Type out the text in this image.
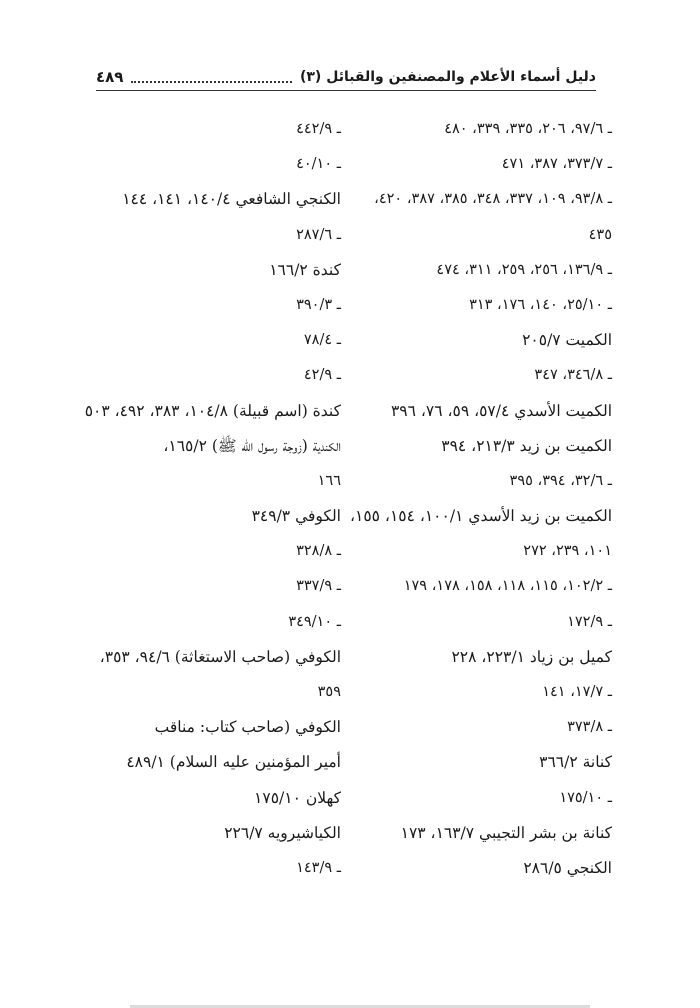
دليل أسماء الأعلام والمصنفين والقبائل (٣)
٤٨٩
ـ ٩٧/٦، ٢٠٦، ٣٣٥، ٣٣٩، ٤٨٠
ـ ٣٧٣/٧، ٣٨٧، ٤٧١
ـ ٩٣/٨، ١٠٩، ٣٣٧، ٣٤٨، ٣٨٥، ٣٨٧، ٤٢٠،
٤٣٥
ـ ١٣٦/٩، ٢٥٦، ٢٥٩، ٣١١، ٤٧٤
ـ ٢٥/١٠، ١٤٠، ١٧٦، ٣١٣
الكميت ٢٠٥/٧
ـ ٣٤٦/٨، ٣٤٧
الكميت الأسدي ٥٧/٤، ٥٩، ٧٦، ٣٩٦
الكميت بن زيد ٢١٣/٣، ٣٩٤
ـ ٣٢/٦، ٣٩٤، ٣٩٥
الكميت بن زيد الأسدي ١٠٠/١، ١٥٤، ١٥٥،
١٠١، ٢٣٩، ٢٧٢
ـ ١٠٢/٢، ١١٥، ١١٨، ١٥٨، ١٧٨، ١٧٩
ـ ١٧٢/٩
كميل بن زياد ٢٢٣/١، ٢٢٨
ـ ١٧/٧، ١٤١
ـ ٣٧٣/٨
كنانة ٣٦٦/٢
ـ ١٧٥/١٠
كنانة بن بشر التجيبي ١٦٣/٧، ١٧٣
الكنجي ٢٨٦/٥
ـ ٤٤٢/٩
ـ ٤٠/١٠
الكنجي الشافعي ١٤٠/٤، ١٤١، ١٤٤
ـ ٢٨٧/٦
كندة ١٦٦/٢
ـ ٣٩٠/٣
ـ ٧٨/٤
ـ ٤٢/٩
كندة (اسم قبيلة) ١٠٤/٨، ٣٨٣، ٤٩٢، ٥٠٣
الكندية (زوجة رسول الله ﷺ) ١٦٥/٢،
١٦٦
الكوفي ٣٤٩/٣
ـ ٣٢٨/٨
ـ ٣٣٧/٩
ـ ٣٤٩/١٠
الكوفي (صاحب الاستغاثة) ٩٤/٦، ٣٥٣،
٣٥٩
الكوفي (صاحب كتاب: مناقب
أمير المؤمنين عليه السلام) ٤٨٩/١
كهلان ١٧٥/١٠
الكياشيرويه ٢٢٦/٧
ـ ١٤٣/٩
